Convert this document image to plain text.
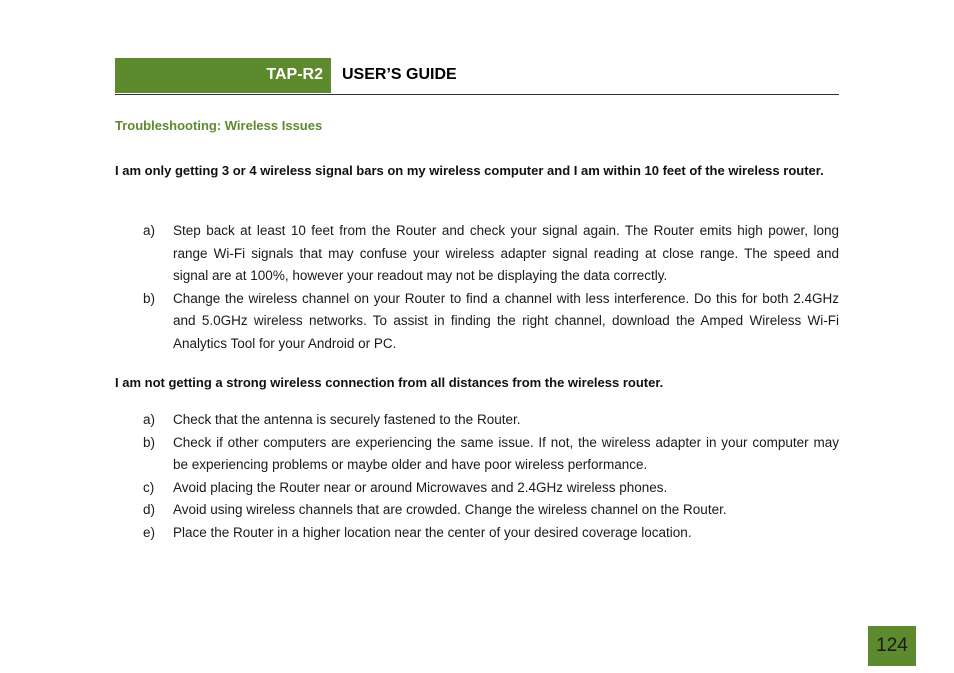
TAP-R2 USER’S GUIDE
Troubleshooting: Wireless Issues
I am only getting 3 or 4 wireless signal bars on my wireless computer and I am within 10 feet of the wireless router.
a) Step back at least 10 feet from the Router and check your signal again. The Router emits high power, long range Wi-Fi signals that may confuse your wireless adapter signal reading at close range. The speed and signal are at 100%, however your readout may not be displaying the data correctly.
b) Change the wireless channel on your Router to find a channel with less interference. Do this for both 2.4GHz and 5.0GHz wireless networks. To assist in finding the right channel, download the Amped Wireless Wi-Fi Analytics Tool for your Android or PC.
I am not getting a strong wireless connection from all distances from the wireless router.
a) Check that the antenna is securely fastened to the Router.
b) Check if other computers are experiencing the same issue. If not, the wireless adapter in your computer may be experiencing problems or maybe older and have poor wireless performance.
c) Avoid placing the Router near or around Microwaves and 2.4GHz wireless phones.
d) Avoid using wireless channels that are crowded. Change the wireless channel on the Router.
e) Place the Router in a higher location near the center of your desired coverage location.
124
